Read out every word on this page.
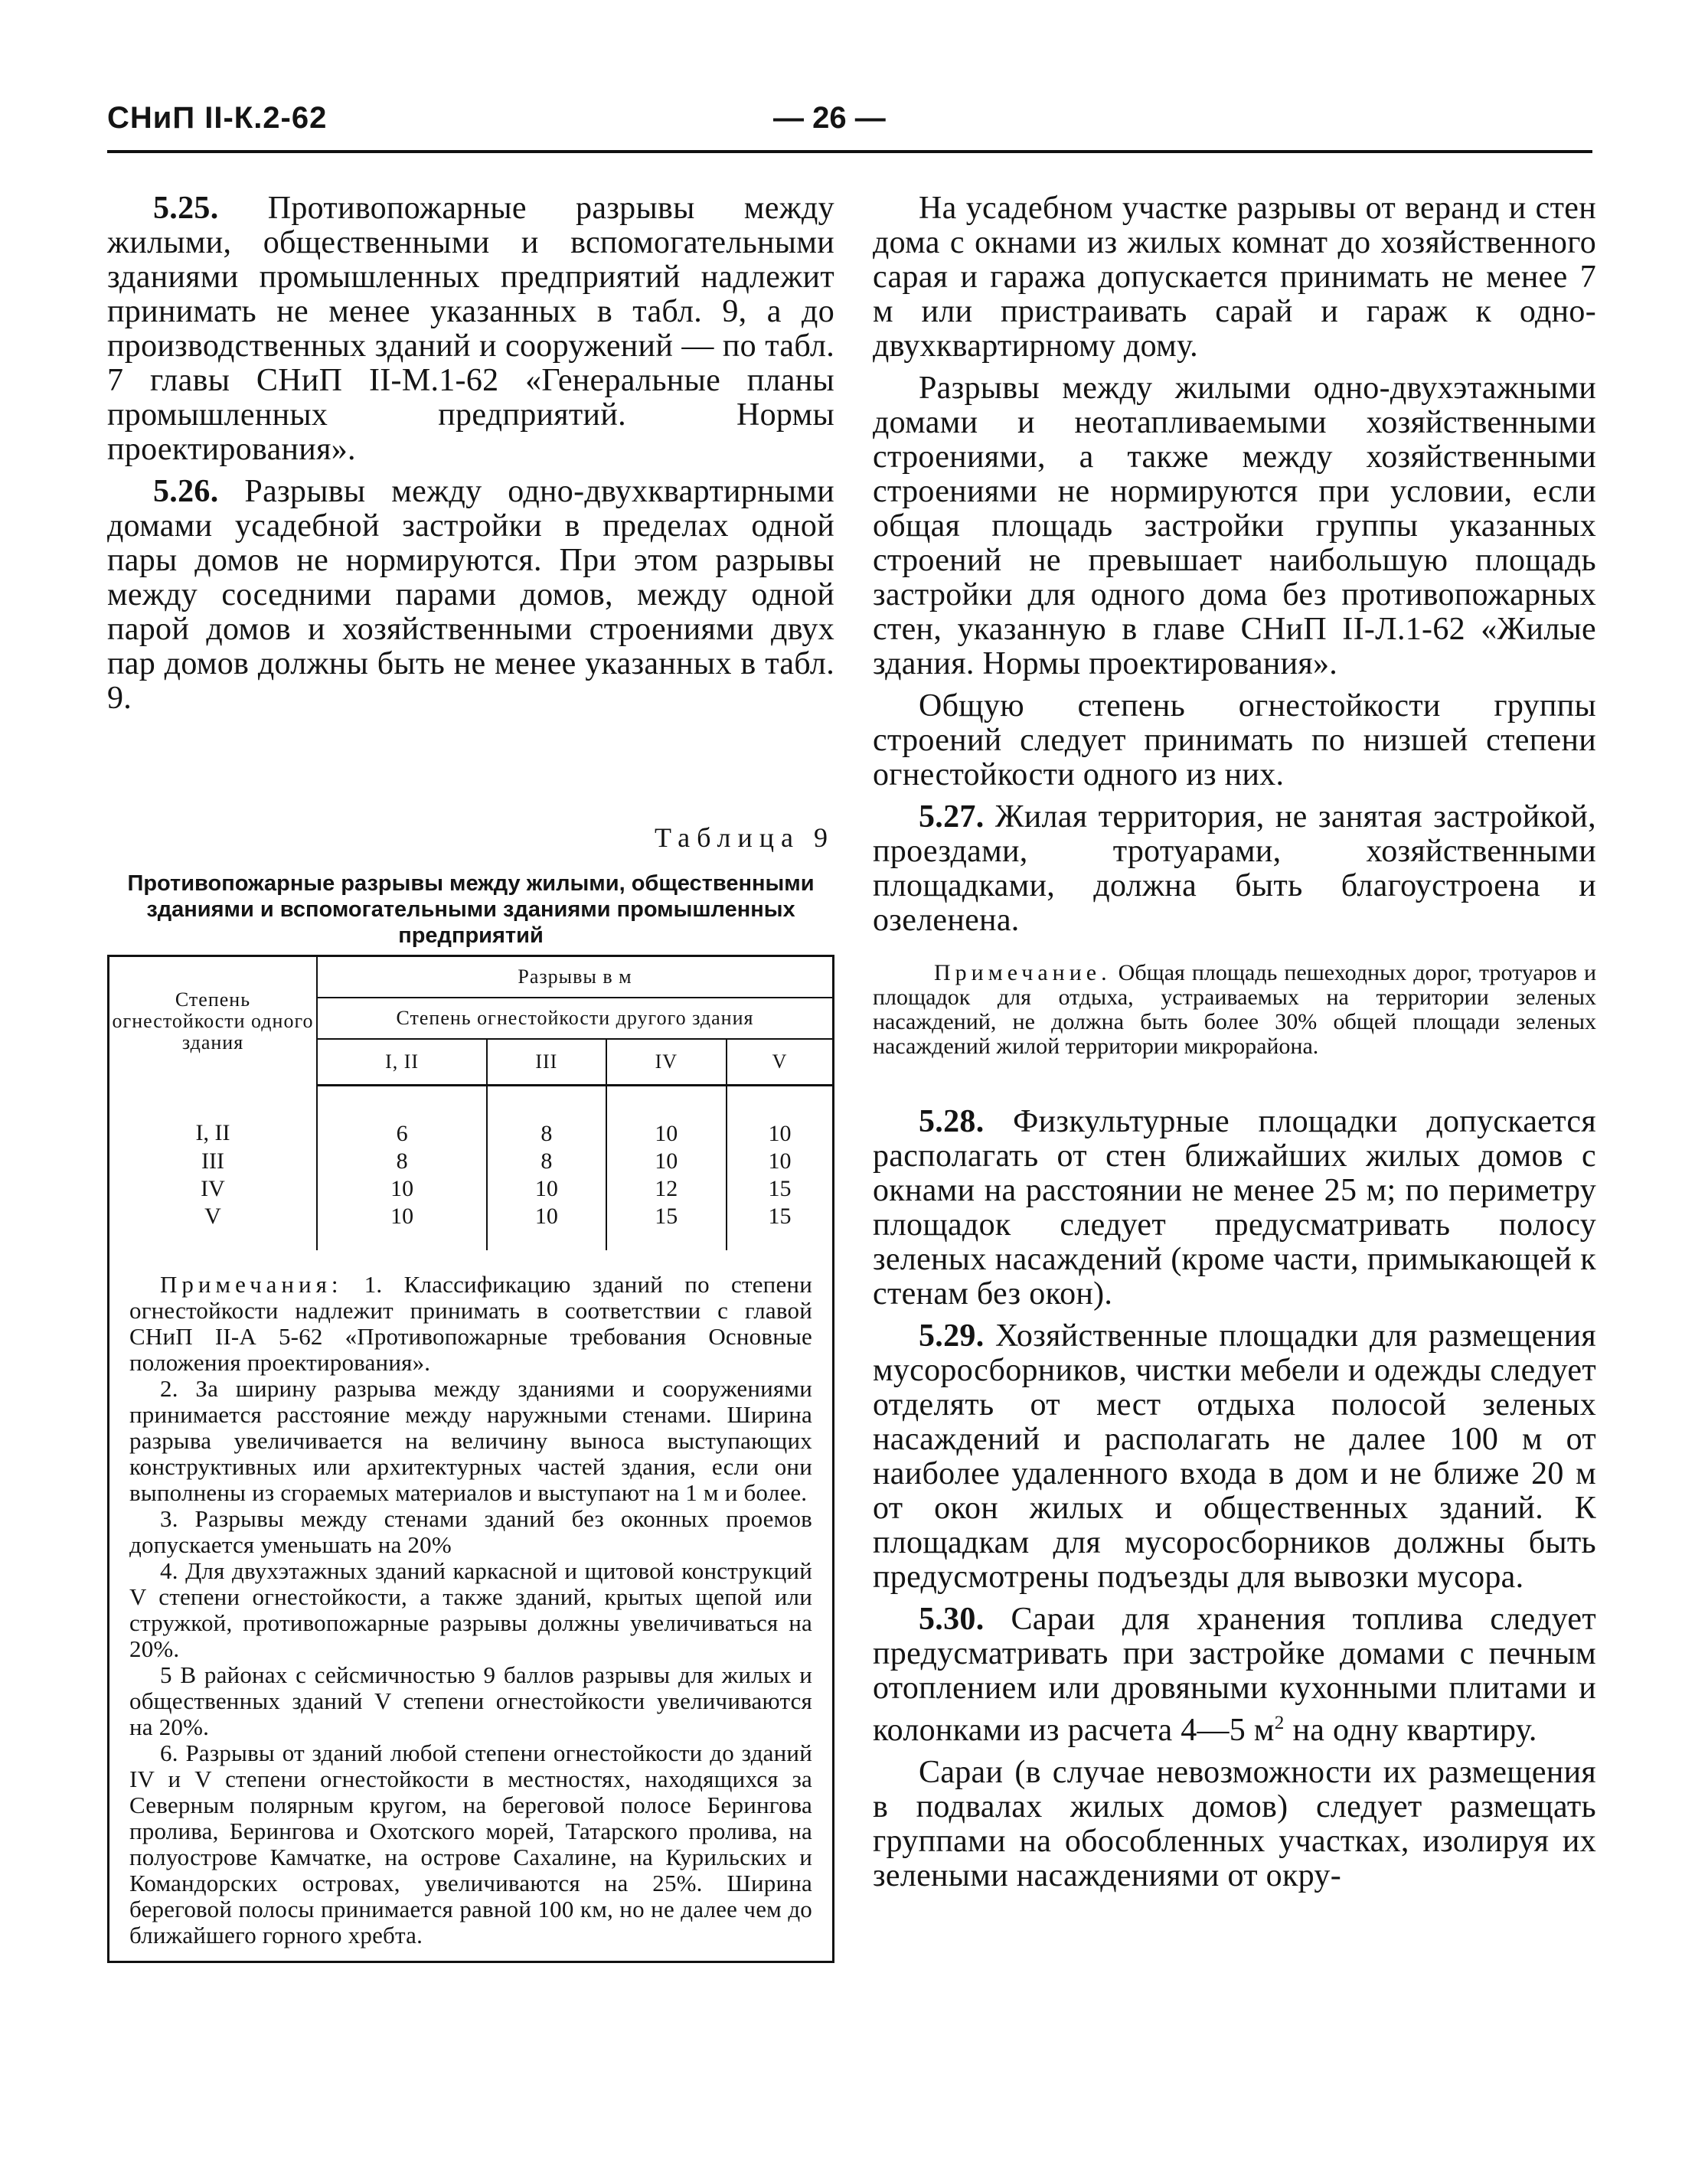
СНиП II-К.2-62	— 26 —

5.25. Противопожарные разрывы между жилыми, общественными и вспомогательными зданиями промышленных предприятий надлежит принимать не менее указанных в табл. 9, а до производственных зданий и сооружений — по табл. 7 главы СНиП II-М.1-62 «Генеральные планы промышленных предприятий. Нормы проектирования».

5.26. Разрывы между одно-двухквартирными домами усадебной застройки в пределах одной пары домов не нормируются. При этом разрывы между соседними парами домов, между одной парой домов и хозяйственными строениями двух пар домов должны быть не менее указанных в табл. 9.

Таблица 9
Противопожарные разрывы между жилыми, общественными зданиями и вспомогательными зданиями промышленных предприятий
Степень огнестойкости одного здания	Разрывы в м			
	Степень огнестойкости другого здания			
	I, II	III	IV	V
I, II	6	8	10	10
III	8	8	10	10
IV	10	10	12	15
V	10	10	15	15

Примечания: 1. Классификацию зданий по степени огнестойкости надлежит принимать в соответствии с главой СНиП II-А 5-62 «Противопожарные требования Основные положения проектирования».

2. За ширину разрыва между зданиями и сооружениями принимается расстояние между наружными стенами. Ширина разрыва увеличивается на величину выноса выступающих конструктивных или архитектурных частей здания, если они выполнены из сгораемых материалов и выступают на 1 м и более.

3. Разрывы между стенами зданий без оконных проемов допускается уменьшать на 20%

4. Для двухэтажных зданий каркасной и щитовой конструкций V степени огнестойкости, а также зданий, крытых щепой или стружкой, противопожарные разрывы должны увеличиваться на 20%.

5 В районах с сейсмичностью 9 баллов разрывы для жилых и общественных зданий V степени огнестойкости увеличиваются на 20%.

6. Разрывы от зданий любой степени огнестойкости до зданий IV и V степени огнестойкости в местностях, находящихся за Северным полярным кругом, на береговой полосе Берингова пролива, Берингова и Охотского морей, Татарского пролива, на полуострове Камчатке, на острове Сахалине, на Курильских и Командорских островах, увеличиваются на 25%. Ширина береговой полосы принимается равной 100 км, но не далее чем до ближайшего горного хребта.

На усадебном участке разрывы от веранд и стен дома с окнами из жилых комнат до хозяйственного сарая и гаража допускается принимать не менее 7 м или пристраивать сарай и гараж к одно-двухквартирному дому.

Разрывы между жилыми одно-двухэтажными домами и неотапливаемыми хозяйственными строениями, а также между хозяйственными строениями не нормируются при условии, если общая площадь застройки группы указанных строений не превышает наибольшую площадь застройки для одного дома без противопожарных стен, указанную в главе СНиП II-Л.1-62 «Жилые здания. Нормы проектирования».

Общую степень огнестойкости группы строений следует принимать по низшей степени огнестойкости одного из них.

5.27. Жилая территория, не занятая застройкой, проездами, тротуарами, хозяйственными площадками, должна быть благоустроена и озеленена.

Примечание. Общая площадь пешеходных дорог, тротуаров и площадок для отдыха, устраиваемых на территории зеленых насаждений, не должна быть более 30% общей площади зеленых насаждений жилой территории микрорайона.

5.28. Физкультурные площадки допускается располагать от стен ближайших жилых домов с окнами на расстоянии не менее 25 м; по периметру площадок следует предусматривать полосу зеленых насаждений (кроме части, примыкающей к стенам без окон).

5.29. Хозяйственные площадки для размещения мусоросборников, чистки мебели и одежды следует отделять от мест отдыха полосой зеленых насаждений и располагать не далее 100 м от наиболее удаленного входа в дом и не ближе 20 м от окон жилых и общественных зданий. К площадкам для мусоросборников должны быть предусмотрены подъезды для вывозки мусора.

5.30. Сараи для хранения топлива следует предусматривать при застройке домами с печным отоплением или дровяными кухонными плитами и колонками из расчета 4—5 $м^2$ на одну квартиру.

Сараи (в случае невозможности их размещения в подвалах жилых домов) следует размещать группами на обособленных участках, изолируя их зелеными насаждениями от окру-
